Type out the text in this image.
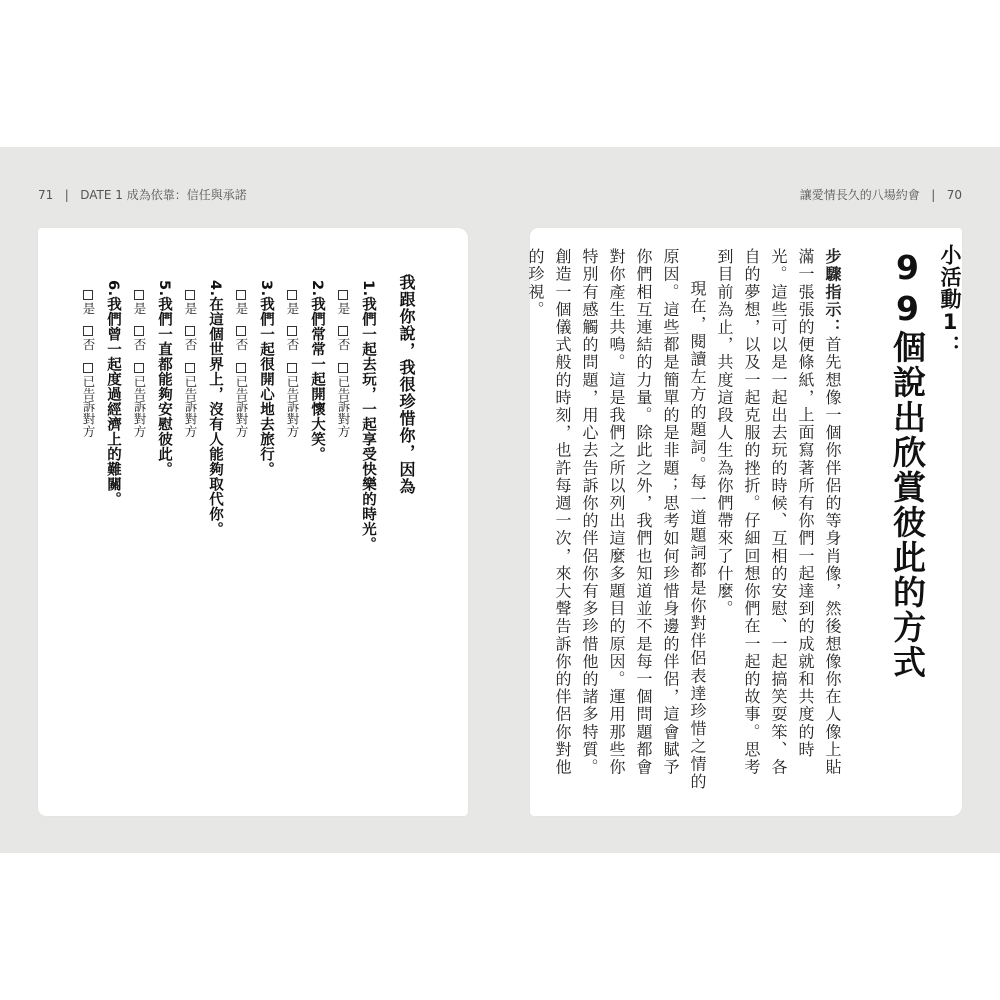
71   |   DATE 1 成為依靠：信任與承諾	讓愛情長久的八場約會   |   70
我跟你說，我很珍惜你，因為
1.我們一起去玩，一起享受快樂的時光。
是 否 已告訴對方
2.我們常常一起開懷大笑。
是 否 已告訴對方
3.我們一起很開心地去旅行。
是 否 已告訴對方
4.在這個世界上，沒有人能夠取代你。
是 否 已告訴對方
5.我們一直都能夠安慰彼此。
是 否 已告訴對方
6.我們曾一起度過經濟上的難關。
是 否 已告訴對方
小活動1：
99個說出欣賞彼此的方式

步驟指示：首先想像一個你伴侶的等身肖像，然後想像你在人像上貼滿一張張的便條紙，上面寫著所有你們一起達到的成就和共度的時光。這些可以是一起出去玩的時候、互相的安慰、一起搞笑耍笨、各自的夢想，以及一起克服的挫折。仔細回想你們在一起的故事。思考到目前為止，共度這段人生為你們帶來了什麼。

現在，閱讀左方的題詞。每一道題詞都是你對伴侶表達珍惜之情的原因。這些都是簡單的是非題；思考如何珍惜身邊的伴侶，這會賦予你們相互連結的力量。除此之外，我們也知道並不是每一個問題都會對你產生共鳴。這是我們之所以列出這麼多題目的原因。運用那些你特別有感觸的問題，用心去告訴你的伴侶你有多珍惜他的諸多特質。創造一個儀式般的時刻，也許每週一次，來大聲告訴你的伴侶你對他的珍視。
